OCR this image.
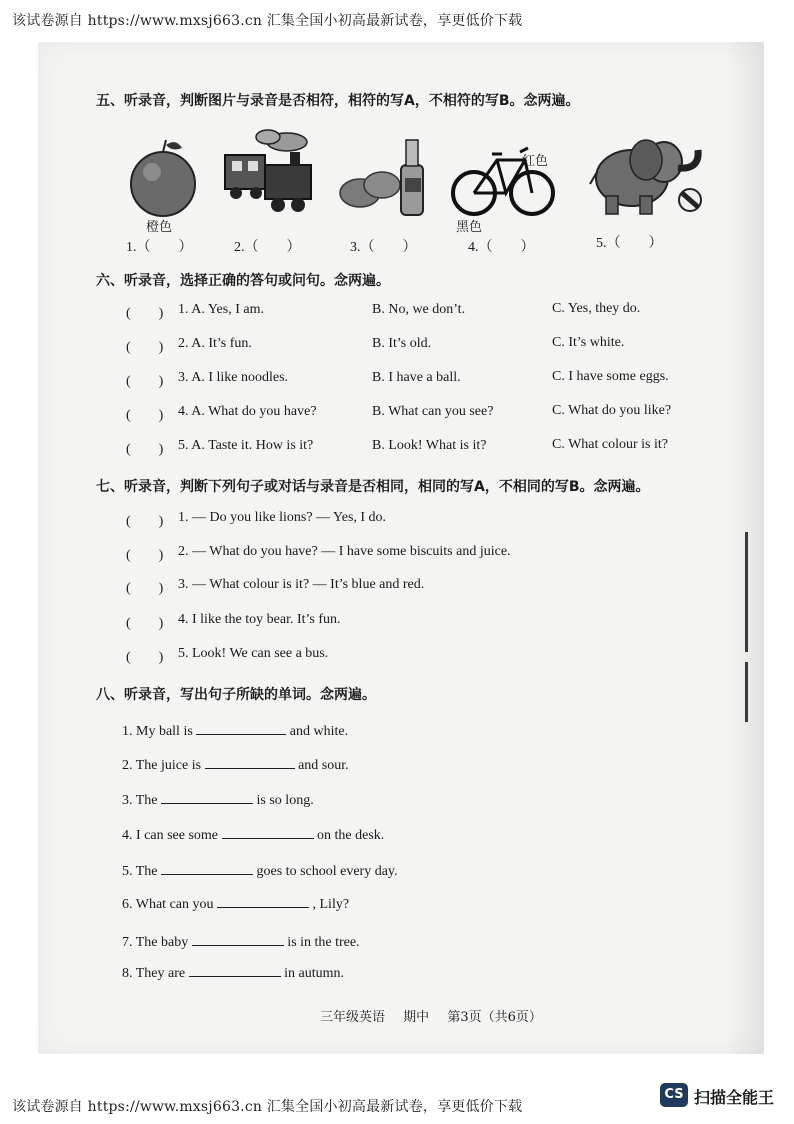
该试卷源自 https://www.mxsj663.cn 汇集全国小初高最新试卷，享更低价下载
五、听录音，判断图片与录音是否相符，相符的写A，不相符的写B。念两遍。
橙色	黑色
红色
1.（　　）	2.（　　）	3.（　　）	4.（　　）	5.（　　）
六、听录音，选择正确的答句或问句。念两遍。
(　　) 1. A. Yes, I am.	B. No, we don’t.	C. Yes, they do.
(　　) 2. A. It’s fun.	B. It’s old.	C. It’s white.
(　　) 3. A. I like noodles.	B. I have a ball.	C. I have some eggs.
(　　) 4. A. What do you have?	B. What can you see?	C. What do you like?
(　　) 5. A. Taste it. How is it?	B. Look! What is it?	C. What colour is it?
七、听录音，判断下列句子或对话与录音是否相同，相同的写A，不相同的写B。念两遍。
(　　) 1. — Do you like lions? — Yes, I do.
(　　) 2. — What do you have? — I have some biscuits and juice.
(　　) 3. — What colour is it? — It’s blue and red.
(　　) 4. I like the toy bear. It’s fun.
(　　) 5. Look! We can see a bus.
八、听录音，写出句子所缺的单词。念两遍。
1. My ball is	and white.
2. The juice is	and sour.
3. The	is so long.
4. I can see some	on the desk.
5. The	goes to school every day.
6. What can you	, Lily?
7. The baby	is in the tree.
8. They are	in autumn.
三年级英语 期中 第3页（共6页）
该试卷源自 https://www.mxsj663.cn 汇集全国小初高最新试卷，享更低价下载
CS 扫描全能王
